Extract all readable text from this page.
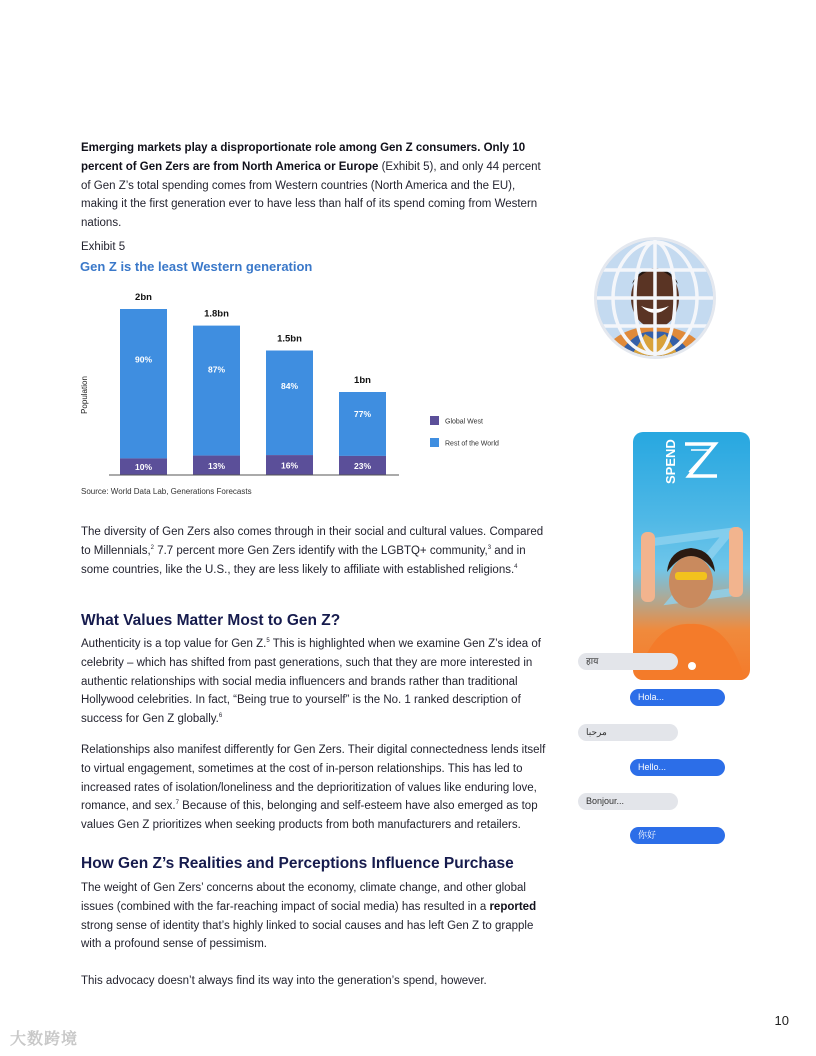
Emerging markets play a disproportionate role among Gen Z consumers. Only 10 percent of Gen Zers are from North America or Europe (Exhibit 5), and only 44 percent of Gen Z’s total spending comes from Western countries (North America and the EU), making it the first generation ever to have less than half of its spend coming from Western nations.
Exhibit 5
Gen Z is the least Western generation
Population
2bn
90%
10%
1.8bn
87%
13%
1.5bn
84%
16%
1bn
77%
23%
Global West
Rest of the World
Source: World Data Lab, Generations Forecasts
The diversity of Gen Zers also comes through in their social and cultural values. Compared to Millennials,$^2$ 7.7 percent more Gen Zers identify with the LGBTQ+ community,$^3$ and in some countries, like the U.S., they are less likely to affiliate with established religions.$^4$
What Values Matter Most to Gen Z?
Authenticity is a top value for Gen Z.$^5$ This is highlighted when we examine Gen Z’s idea of celebrity – which has shifted from past generations, such that they are more interested in authentic relationships with social media influencers and brands rather than traditional Hollywood celebrities. In fact, “Being true to yourself” is the No. 1 ranked description of success for Gen Z globally.$^6$
Relationships also manifest differently for Gen Zers. Their digital connectedness lends itself to virtual engagement, sometimes at the cost of in-person relationships. This has led to increased rates of isolation/loneliness and the deprioritization of values like enduring love, romance, and sex.$^7$ Because of this, belonging and self-esteem have also emerged as top values Gen Z prioritizes when seeking products from both manufacturers and retailers.
How Gen Z’s Realities and Perceptions Influence Purchase
The weight of Gen Zers’ concerns about the economy, climate change, and other global issues (combined with the far-reaching impact of social media) has resulted in a reported strong sense of identity that’s highly linked to social causes and has left Gen Z to grapple with a profound sense of pessimism.
This advocacy doesn’t always find its way into the generation’s spend, however.
SPEND
हाय
Hola...
مرحبا
Hello...
Bonjour...
你好
10
大数跨境
